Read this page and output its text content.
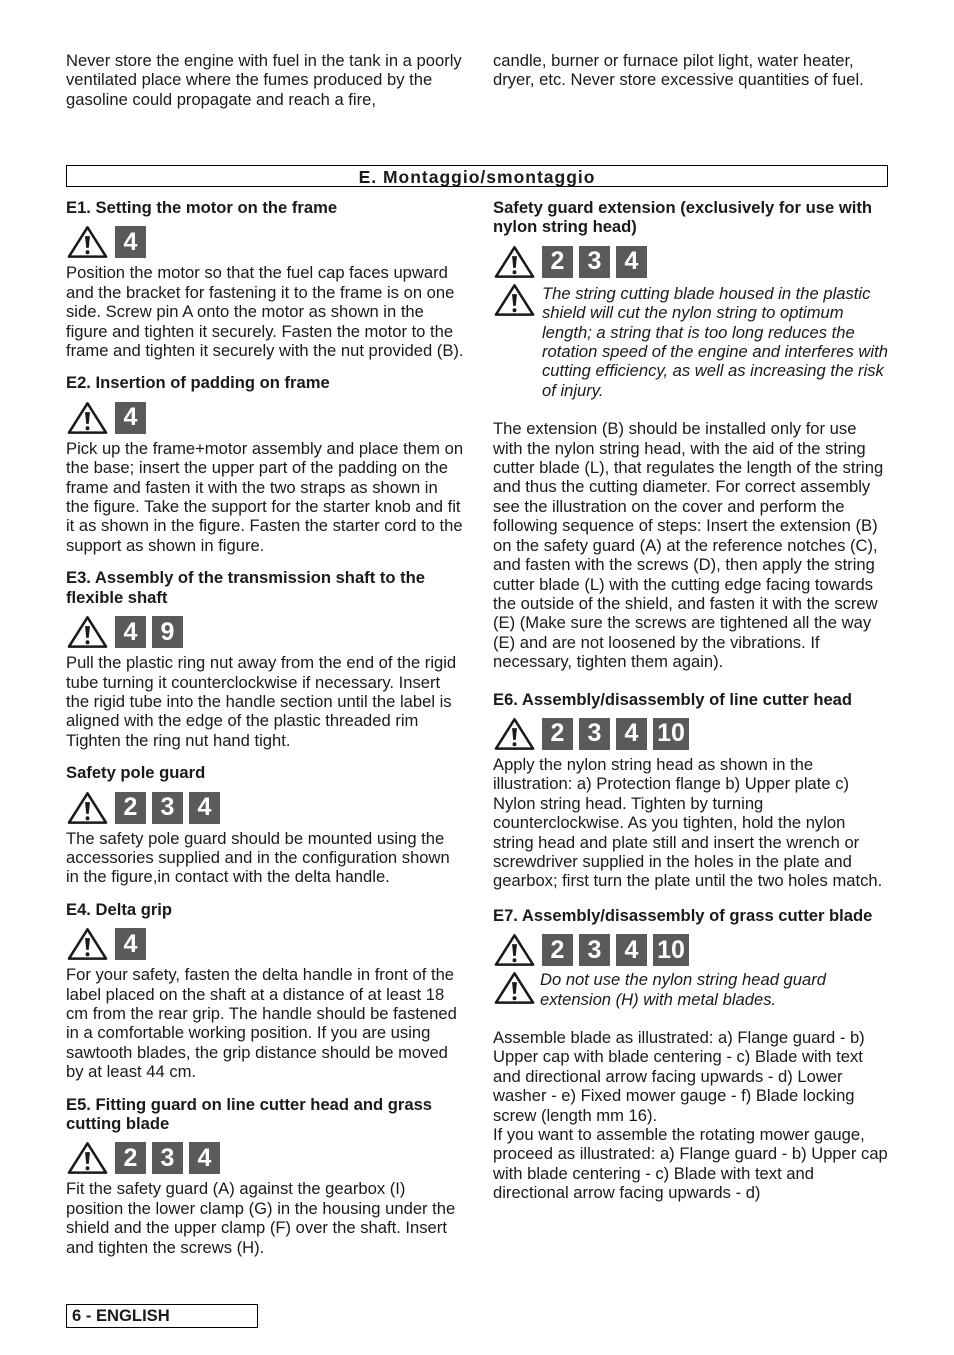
Never store the engine with fuel in the tank in a poorly ventilated place where the fumes produced by the gasoline could propagate and reach a fire,
candle, burner or furnace pilot light, water heater, dryer, etc. Never store excessive quantities of fuel.
E. Montaggio/smontaggio
E1. Setting the motor on the frame
4
Position the motor so that the fuel cap faces upward and the bracket for fastening it to the frame is on one side. Screw pin A onto the motor as shown in the figure and tighten it securely. Fasten the motor to the frame and tighten it securely with the nut provided (B).
E2. Insertion of padding on frame
4
Pick up the frame+motor assembly and place them on the base; insert the upper part of the padding on the frame and fasten it with the two straps as shown in the figure. Take the support for the starter knob and fit it as shown in the figure. Fasten the starter cord to the support as shown in figure.
E3. Assembly of the transmission shaft to the flexible shaft
4 9
Pull the plastic ring nut away from the end of the rigid tube turning it counterclockwise if necessary. Insert the rigid tube into the handle section until the label is aligned with the edge of the plastic threaded rim Tighten the ring nut hand tight.
Safety pole guard
2 3 4
The safety pole guard should be mounted using the accessories supplied and in the configuration shown in the figure,in contact with the delta handle.
E4. Delta grip
4
For your safety, fasten the delta handle in front of the label placed on the shaft at a distance of at least 18 cm from the rear grip. The handle should be fastened in a comfortable working position. If you are using sawtooth blades, the grip distance should be moved by at least 44 cm.
E5. Fitting guard on line cutter head and grass cutting blade
2 3 4
Fit the safety guard (A) against the gearbox (I) position the lower clamp (G) in the housing under the shield and the upper clamp (F) over the shaft. Insert and tighten the screws (H).
Safety guard extension (exclusively for use with nylon string head)
2 3 4
The string cutting blade housed in the plastic shield will cut the nylon string to optimum length; a string that is too long reduces the rotation speed of the engine and interferes with cutting efficiency, as well as increasing the risk of injury.
The extension (B) should be installed only for use with the nylon string head, with the aid of the string cutter blade (L), that regulates the length of the string and thus the cutting diameter. For correct assembly see the illustration on the cover and perform the following sequence of steps: Insert the extension (B) on the safety guard (A) at the reference notches (C), and fasten with the screws (D), then apply the string cutter blade (L) with the cutting edge facing towards the outside of the shield, and fasten it with the screw (E) (Make sure the screws are tightened all the way (E) and are not loosened by the vibrations. If necessary, tighten them again).
E6. Assembly/disassembly of line cutter head
2 3 4 10
Apply the nylon string head as shown in the illustration: a) Protection flange b) Upper plate c) Nylon string head. Tighten by turning counterclockwise. As you tighten, hold the nylon string head and plate still and insert the wrench or screwdriver supplied in the holes in the plate and gearbox; first turn the plate until the two holes match.
E7. Assembly/disassembly of grass cutter blade
2 3 4 10
Do not use the nylon string head guard extension (H) with metal blades.
Assemble blade as illustrated: a) Flange guard - b) Upper cap with blade centering - c) Blade with text and directional arrow facing upwards - d) Lower washer - e) Fixed mower gauge - f) Blade locking screw (length mm 16).
If you want to assemble the rotating mower gauge, proceed as illustrated: a) Flange guard - b) Upper cap with blade centering - c) Blade with text and directional arrow facing upwards - d)
6 - ENGLISH
